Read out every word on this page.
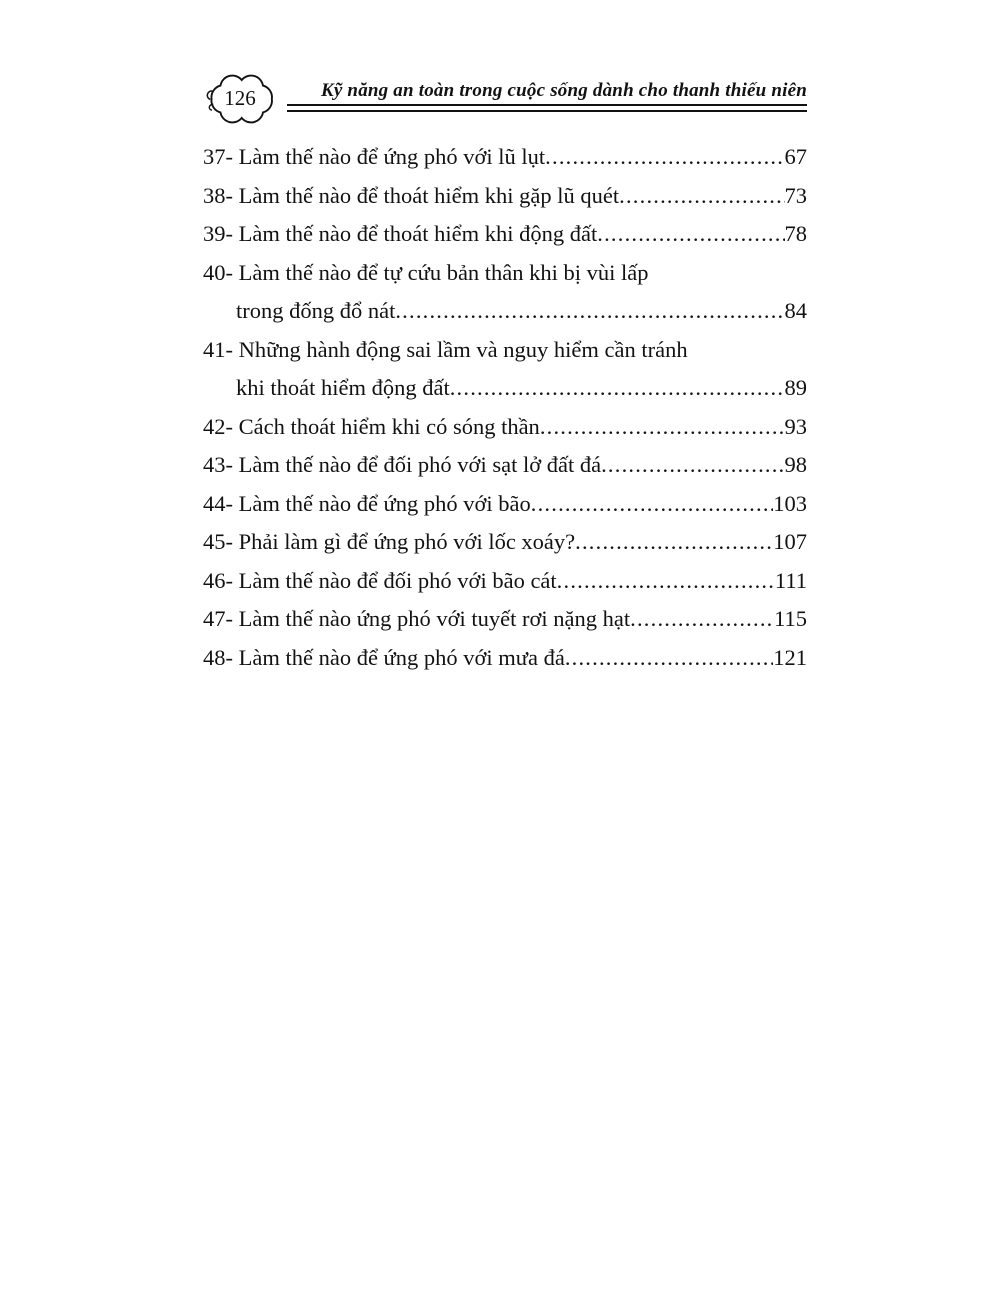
126	Kỹ năng an toàn trong cuộc sống dành cho thanh thiếu niên
37- Làm thế nào để ứng phó với lũ lụt .....	67
38- Làm thế nào để thoát hiểm khi gặp lũ quét .....	73
39- Làm thế nào để thoát hiểm khi động đất .....	78
40- Làm thế nào để tự cứu bản thân khi bị vùi lấp
trong đống đổ nát .....	84
41- Những hành động sai lầm và nguy hiểm cần tránh
khi thoát hiểm động đất .....	89
42- Cách thoát hiểm khi có sóng thần .....	93
43- Làm thế nào để đối phó với sạt lở đất đá .....	98
44- Làm thế nào để ứng phó với bão .....	103
45- Phải làm gì để ứng phó với lốc xoáy? .....	107
46- Làm thế nào để đối phó với bão cát .....	111
47- Làm thế nào ứng phó với tuyết rơi nặng hạt .....	115
48- Làm thế nào để ứng phó với mưa đá .....	121
